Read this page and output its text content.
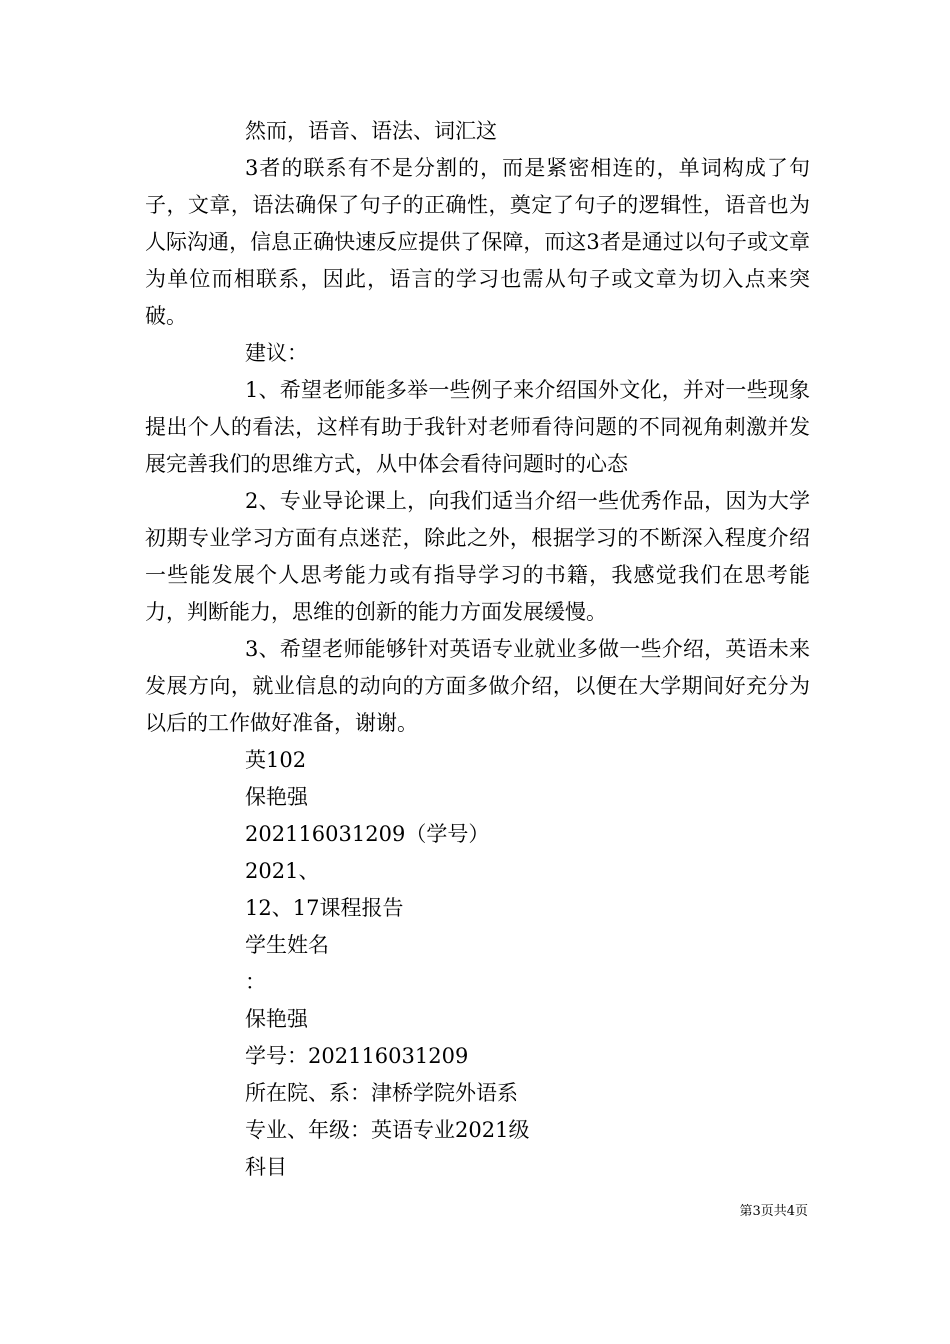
然而，语音、语法、词汇这

3者的联系有不是分割的，而是紧密相连的，单词构成了句子，文章，语法确保了句子的正确性，奠定了句子的逻辑性，语音也为人际沟通，信息正确快速反应提供了保障，而这3者是通过以句子或文章为单位而相联系，因此，语言的学习也需从句子或文章为切入点来突破。

建议：

1、希望老师能多举一些例子来介绍国外文化，并对一些现象提出个人的看法，这样有助于我针对老师看待问题的不同视角刺激并发展完善我们的思维方式，从中体会看待问题时的心态

2、专业导论课上，向我们适当介绍一些优秀作品，因为大学初期专业学习方面有点迷茫，除此之外，根据学习的不断深入程度介绍一些能发展个人思考能力或有指导学习的书籍，我感觉我们在思考能力，判断能力，思维的创新的能力方面发展缓慢。

3、希望老师能够针对英语专业就业多做一些介绍，英语未来发展方向，就业信息的动向的方面多做介绍，以便在大学期间好充分为以后的工作做好准备，谢谢。

英102

保艳强

202116031209（学号）

2021、

12、17课程报告

学生姓名

：

保艳强

学号：202116031209

所在院、系：津桥学院外语系

专业、年级：英语专业2021级

科目

第3页共4页
